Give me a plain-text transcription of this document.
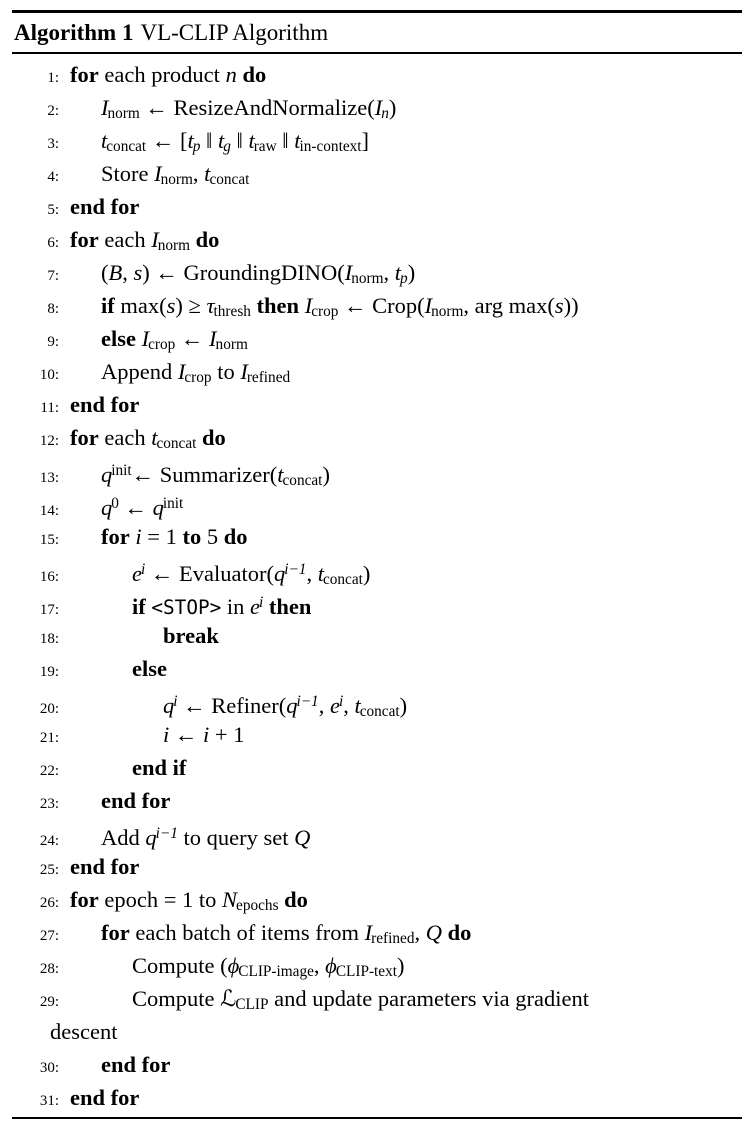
Algorithm 1 VL-CLIP Algorithm
1: for each product n do
2: Inorm ← ResizeAndNormalize(In)
3: tconcat ← [tp ‖ tg ‖ traw ‖ tin-context]
4: Store Inorm, tconcat
5: end for
6: for each Inorm do
7: (B, s) ← GroundingDINO(Inorm, tp)
8: if max(s) ≥ τthresh then Icrop ← Crop(Inorm, arg max(s))
9: else Icrop ← Inorm
10: Append Icrop to Irefined
11: end for
12: for each tconcat do
13: $q^{init}\leftarrow$ Summarizer(tconcat)
14: $q^0$ ← $q^{init}$
15: for i = 1 to 5 do
16:	$e^i$ ← $Evaluator(q^{i-1}$, tconcat)
17:	if <STOP> in $e^i$ then
18:	break
19:	else
20:	$q^i$ ← $Refiner(q^{i-1}$, $e^i$, tconcat)
21:	i ← i + 1
22:	end if
23: end for
24: Add $q^{i-1}$ to query set Q
25: end for
26: for epoch = 1 to Nepochs do
27: for each batch of items from Irefined, Q do
28:	Compute (ϕCLIP-image, ϕCLIP-text)
29:	Compute ℒCLIP and update parameters via gradient
descent
30: end for
31: end for
